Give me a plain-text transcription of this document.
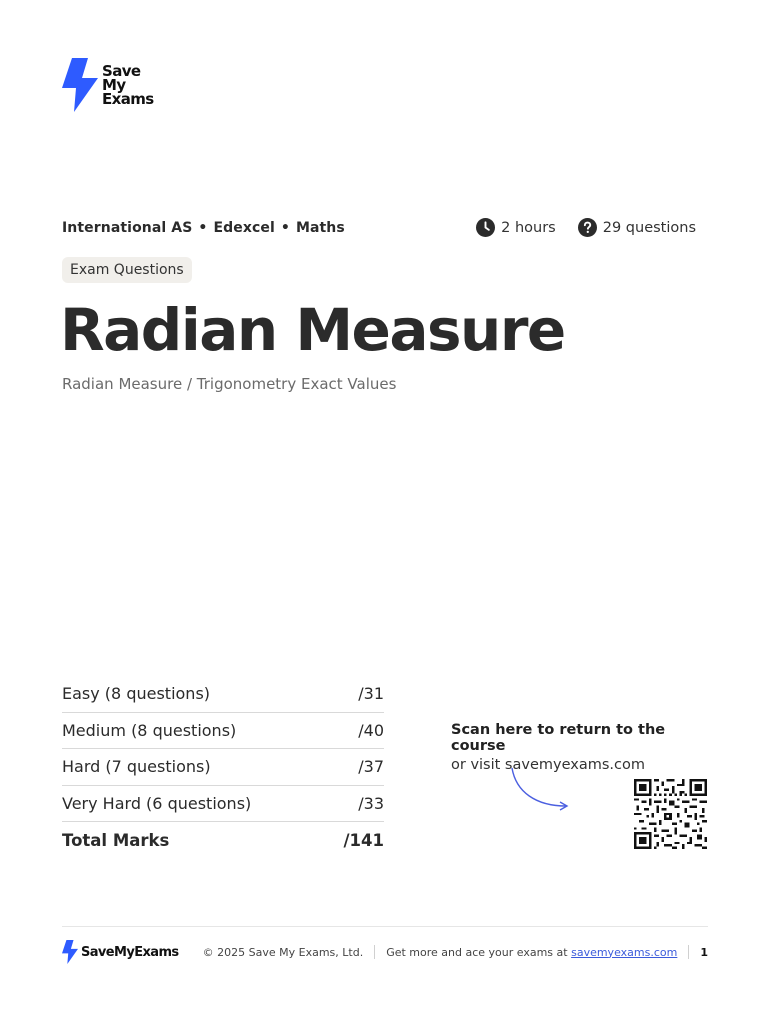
Save
My
Exams
International AS • Edexcel • Maths	2 hours	29 questions
Exam Questions
Radian Measure
Radian Measure / Trigonometry Exact Values
Easy (8 questions)	/31
Medium (8 questions)	/40
Hard (7 questions)	/37
Very Hard (6 questions)	/33
Total Marks	/141
Scan here to return to the course
or visit savemyexams.com
SaveMyExams © 2025 Save My Exams, Ltd. Get more and ace your exams at savemyexams.com 1
